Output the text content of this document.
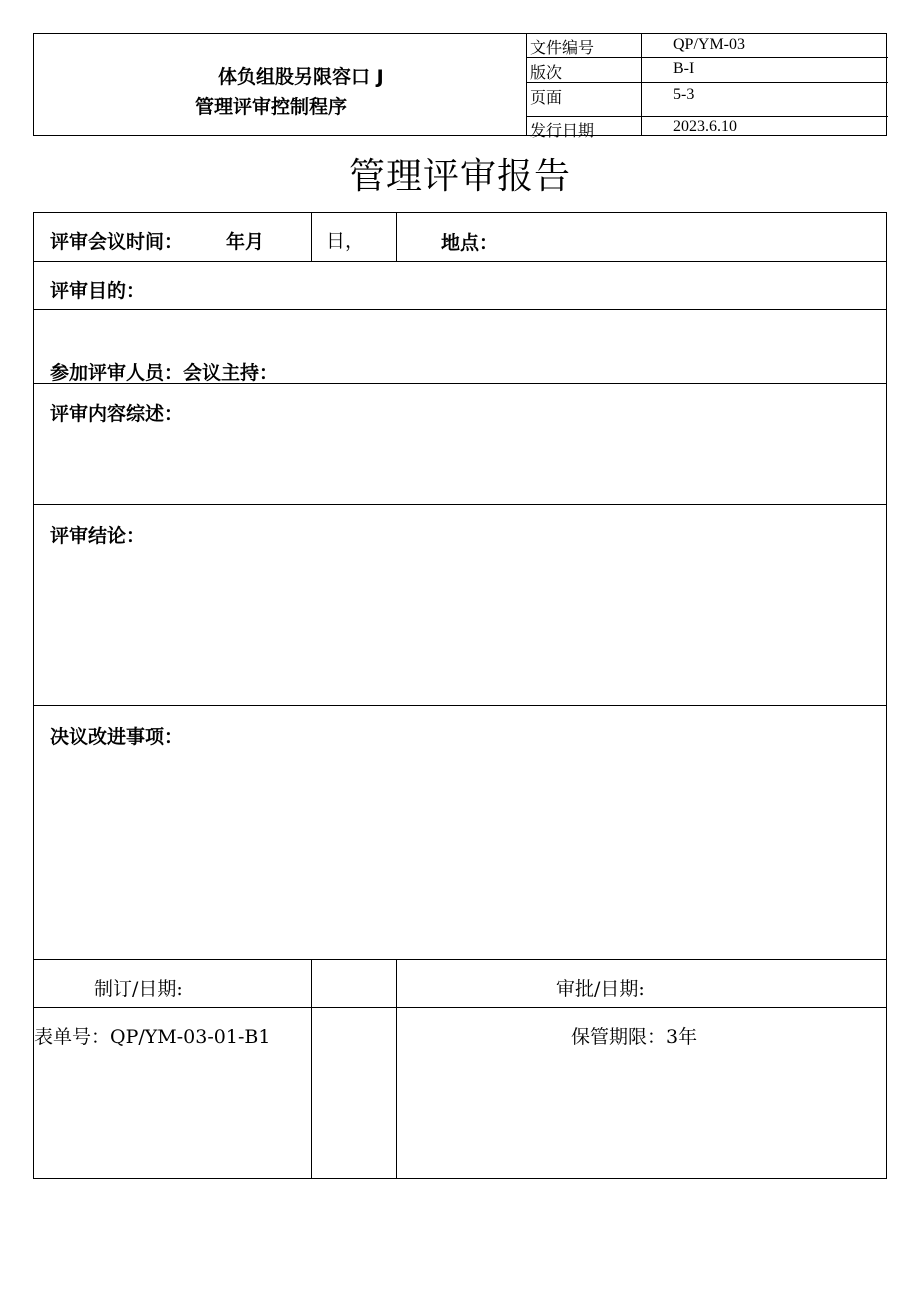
体负组股另限容口 J
管理评审控制程序
文件编号	QP/YM-03
版次	B-I
页面	5-3
发行日期	2023.6.10
管理评审报告
评审会议时间： 年月	日，	地点：
评审目的：
参加评审人员：会议主持：
评审内容综述：
评审结论：
决议改进事项：
制订/日期:	审批/日期:
表单号：QP/YM-03-01-B1	保管期限：3年
